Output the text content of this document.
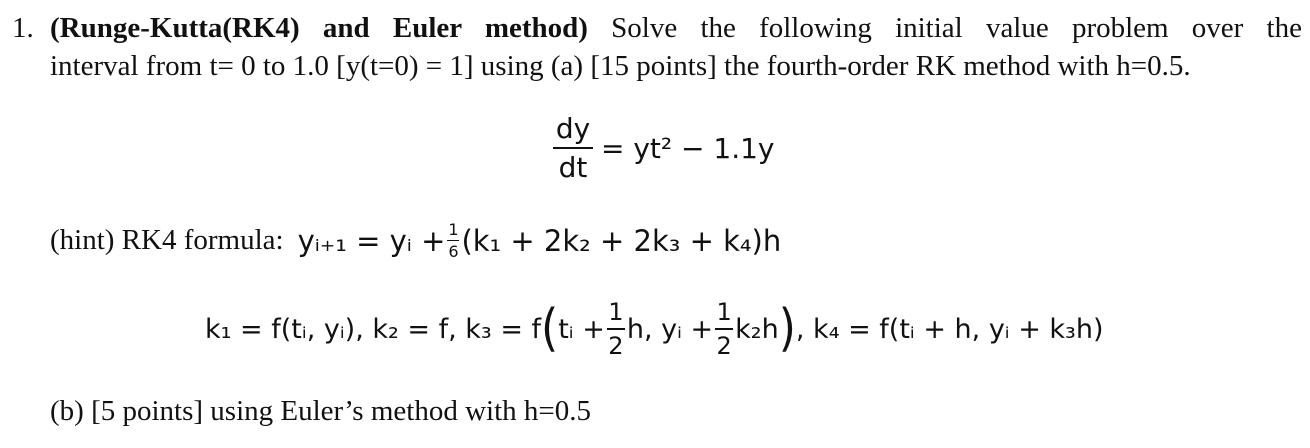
1. (Runge-Kutta(RK4) and Euler method) Solve the following initial value problem over the
interval from t= 0 to 1.0 [y(t=0) = 1] using (a) [15 points] the fourth-order RK method with h=0.5.
$\frac{dy}{dt} = yt^2 - 1.1y$
(hint) RK4 formula: yᵢ₊₁ = yᵢ + $\frac{1}{6} (k_1 + 2k_2 + 2k_3 + k_4)h$
k₁ = f(tᵢ, yᵢ), k₂ = f, k₃ = f ( tᵢ + $\frac{1}{2} h$, yᵢ + $\frac{1}{2} k_2h$ ) , k₄ = f(tᵢ + h, yᵢ + k₃h)
(b) [5 points] using Euler’s method with h=0.5
